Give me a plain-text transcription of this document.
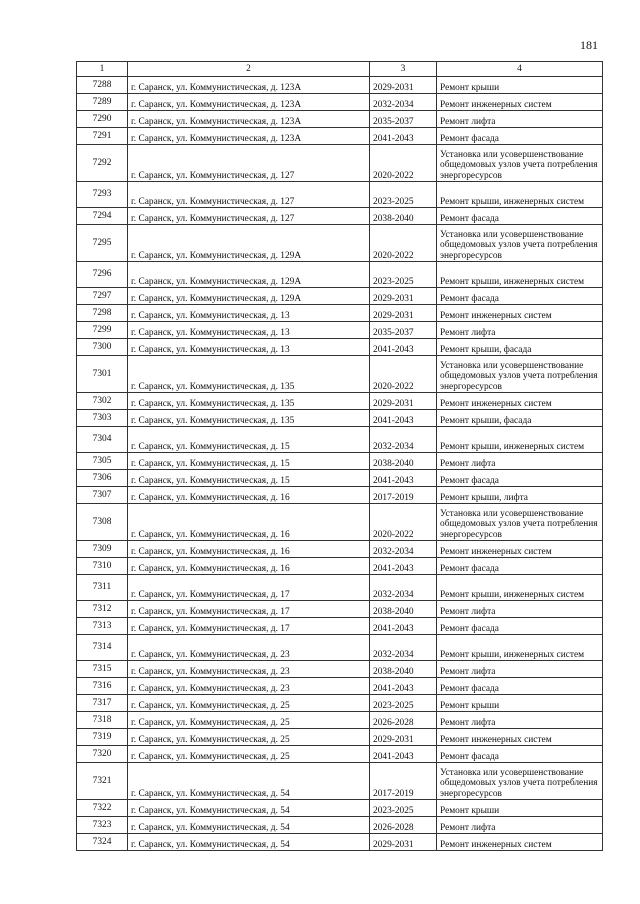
181
1	2	3	4
7288	г. Саранск, ул. Коммунистическая, д. 123А	2029-2031	Ремонт крыши
7289	г. Саранск, ул. Коммунистическая, д. 123А	2032-2034	Ремонт инженерных систем
7290	г. Саранск, ул. Коммунистическая, д. 123А	2035-2037	Ремонт лифта
7291	г. Саранск, ул. Коммунистическая, д. 123А	2041-2043	Ремонт фасада
7292	г. Саранск, ул. Коммунистическая, д. 127	2020-2022	Установка или усовершенствование общедомовых узлов учета потребления энергоресурсов
7293	г. Саранск, ул. Коммунистическая, д. 127	2023-2025	Ремонт крыши, инженерных систем
7294	г. Саранск, ул. Коммунистическая, д. 127	2038-2040	Ремонт фасада
7295	г. Саранск, ул. Коммунистическая, д. 129А	2020-2022	Установка или усовершенствование общедомовых узлов учета потребления энергоресурсов
7296	г. Саранск, ул. Коммунистическая, д. 129А	2023-2025	Ремонт крыши, инженерных систем
7297	г. Саранск, ул. Коммунистическая, д. 129А	2029-2031	Ремонт фасада
7298	г. Саранск, ул. Коммунистическая, д. 13	2029-2031	Ремонт инженерных систем
7299	г. Саранск, ул. Коммунистическая, д. 13	2035-2037	Ремонт лифта
7300	г. Саранск, ул. Коммунистическая, д. 13	2041-2043	Ремонт крыши, фасада
7301	г. Саранск, ул. Коммунистическая, д. 135	2020-2022	Установка или усовершенствование общедомовых узлов учета потребления энергоресурсов
7302	г. Саранск, ул. Коммунистическая, д. 135	2029-2031	Ремонт инженерных систем
7303	г. Саранск, ул. Коммунистическая, д. 135	2041-2043	Ремонт крыши, фасада
7304	г. Саранск, ул. Коммунистическая, д. 15	2032-2034	Ремонт крыши, инженерных систем
7305	г. Саранск, ул. Коммунистическая, д. 15	2038-2040	Ремонт лифта
7306	г. Саранск, ул. Коммунистическая, д. 15	2041-2043	Ремонт фасада
7307	г. Саранск, ул. Коммунистическая, д. 16	2017-2019	Ремонт крыши, лифта
7308	г. Саранск, ул. Коммунистическая, д. 16	2020-2022	Установка или усовершенствование общедомовых узлов учета потребления энергоресурсов
7309	г. Саранск, ул. Коммунистическая, д. 16	2032-2034	Ремонт инженерных систем
7310	г. Саранск, ул. Коммунистическая, д. 16	2041-2043	Ремонт фасада
7311	г. Саранск, ул. Коммунистическая, д. 17	2032-2034	Ремонт крыши, инженерных систем
7312	г. Саранск, ул. Коммунистическая, д. 17	2038-2040	Ремонт лифта
7313	г. Саранск, ул. Коммунистическая, д. 17	2041-2043	Ремонт фасада
7314	г. Саранск, ул. Коммунистическая, д. 23	2032-2034	Ремонт крыши, инженерных систем
7315	г. Саранск, ул. Коммунистическая, д. 23	2038-2040	Ремонт лифта
7316	г. Саранск, ул. Коммунистическая, д. 23	2041-2043	Ремонт фасада
7317	г. Саранск, ул. Коммунистическая, д. 25	2023-2025	Ремонт крыши
7318	г. Саранск, ул. Коммунистическая, д. 25	2026-2028	Ремонт лифта
7319	г. Саранск, ул. Коммунистическая, д. 25	2029-2031	Ремонт инженерных систем
7320	г. Саранск, ул. Коммунистическая, д. 25	2041-2043	Ремонт фасада
7321	г. Саранск, ул. Коммунистическая, д. 54	2017-2019	Установка или усовершенствование общедомовых узлов учета потребления энергоресурсов
7322	г. Саранск, ул. Коммунистическая, д. 54	2023-2025	Ремонт крыши
7323	г. Саранск, ул. Коммунистическая, д. 54	2026-2028	Ремонт лифта
7324	г. Саранск, ул. Коммунистическая, д. 54	2029-2031	Ремонт инженерных систем
